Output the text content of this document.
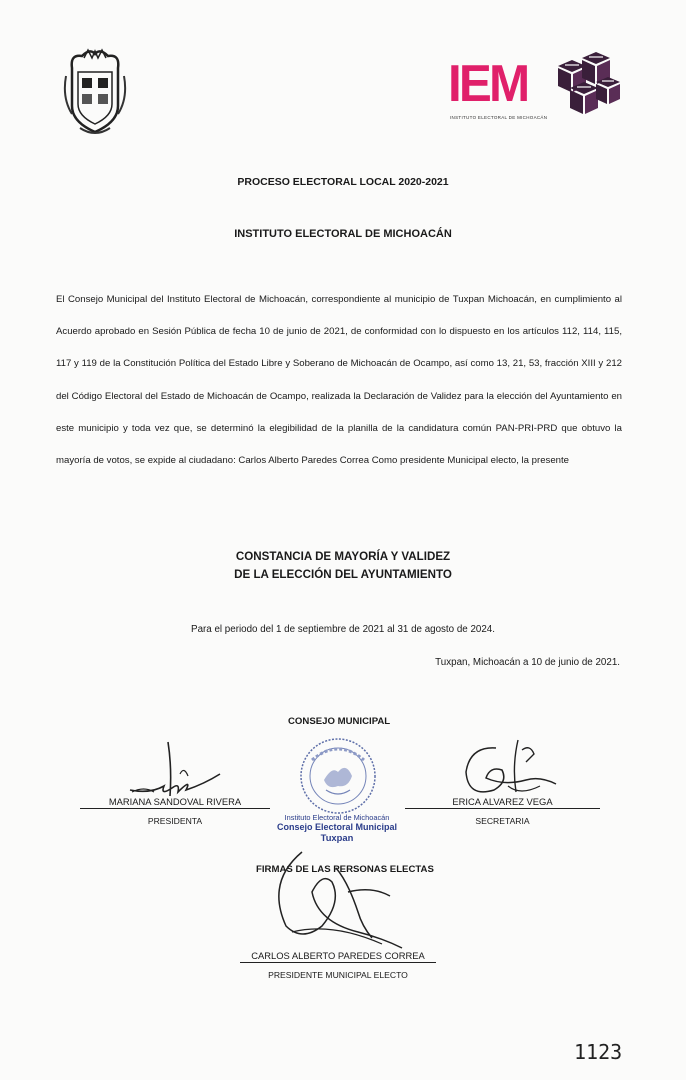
IEM
INSTITUTO ELECTORAL DE MICHOACÁN
PROCESO ELECTORAL LOCAL 2020-2021
INSTITUTO ELECTORAL DE MICHOACÁN
El Consejo Municipal del Instituto Electoral de Michoacán, correspondiente al municipio de Tuxpan Michoacán, en cumplimiento al Acuerdo aprobado en Sesión Pública de fecha 10 de junio de 2021, de conformidad con lo dispuesto en los artículos 112, 114, 115, 117 y 119 de la Constitución Política del Estado Libre y Soberano de Michoacán de Ocampo, así como 13, 21, 53, fracción XIII y 212 del Código Electoral del Estado de Michoacán de Ocampo, realizada la Declaración de Validez para la elección del Ayuntamiento en este municipio y toda vez que, se determinó la elegibilidad de la planilla de la candidatura común PAN-PRI-PRD que obtuvo la mayoría de votos, se expide al ciudadano: Carlos Alberto Paredes Correa Como presidente Municipal electo, la presente
CONSTANCIA DE MAYORÍA Y VALIDEZ
DE LA ELECCIÓN DEL AYUNTAMIENTO
Para el periodo del 1 de septiembre de 2021 al 31 de agosto de 2024.
Tuxpan, Michoacán a 10 de junio de 2021.
CONSEJO MUNICIPAL
MARIANA SANDOVAL RIVERA
PRESIDENTA	Instituto Electoral de Michoacán
Consejo Electoral Municipal
Tuxpan
ERICA ALVAREZ VEGA
SECRETARIA
FIRMAS DE LAS PERSONAS ELECTAS
CARLOS ALBERTO PAREDES CORREA
PRESIDENTE MUNICIPAL ELECTO
1123
